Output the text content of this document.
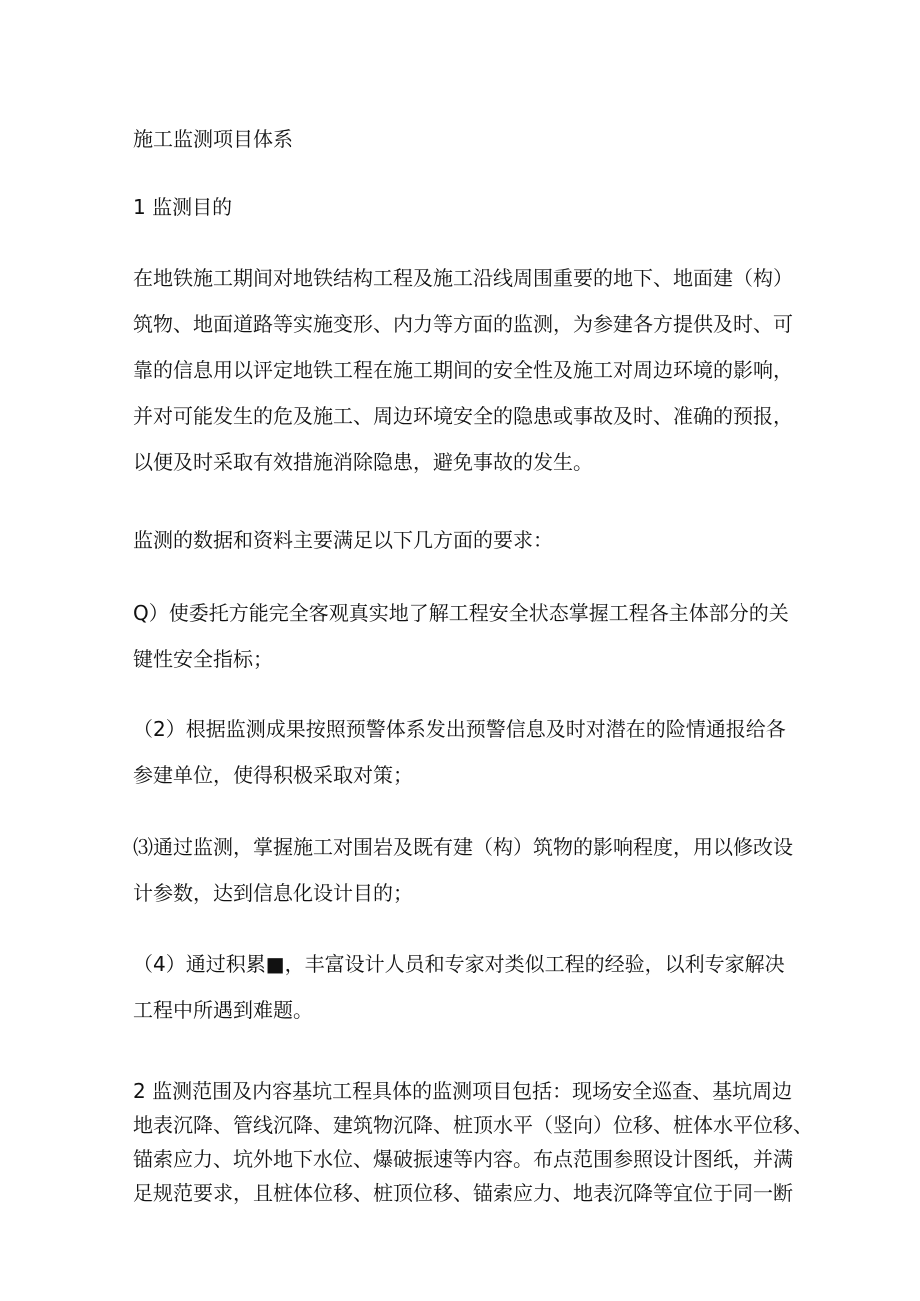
施工监测项目体系
1 监测目的
在地铁施工期间对地铁结构工程及施工沿线周围重要的地下、地面建（构）
筑物、地面道路等实施变形、内力等方面的监测，为参建各方提供及时、可
靠的信息用以评定地铁工程在施工期间的安全性及施工对周边环境的影响，
并对可能发生的危及施工、周边环境安全的隐患或事故及时、准确的预报，
以便及时采取有效措施消除隐患，避免事故的发生。
监测的数据和资料主要满足以下几方面的要求：
Q）使委托方能完全客观真实地了解工程安全状态掌握工程各主体部分的关
键性安全指标；
（2）根据监测成果按照预警体系发出预警信息及时对潜在的险情通报给各
参建单位，使得积极采取对策；
⑶通过监测，掌握施工对围岩及既有建（构）筑物的影响程度，用以修改设
计参数，达到信息化设计目的；
（4）通过积累■，丰富设计人员和专家对类似工程的经验，以利专家解决
工程中所遇到难题。
2 监测范围及内容基坑工程具体的监测项目包括：现场安全巡查、基坑周边
地表沉降、管线沉降、建筑物沉降、桩顶水平（竖向）位移、桩体水平位移、
锚索应力、坑外地下水位、爆破振速等内容。布点范围参照设计图纸，并满
足规范要求，且桩体位移、桩顶位移、锚索应力、地表沉降等宜位于同一断
